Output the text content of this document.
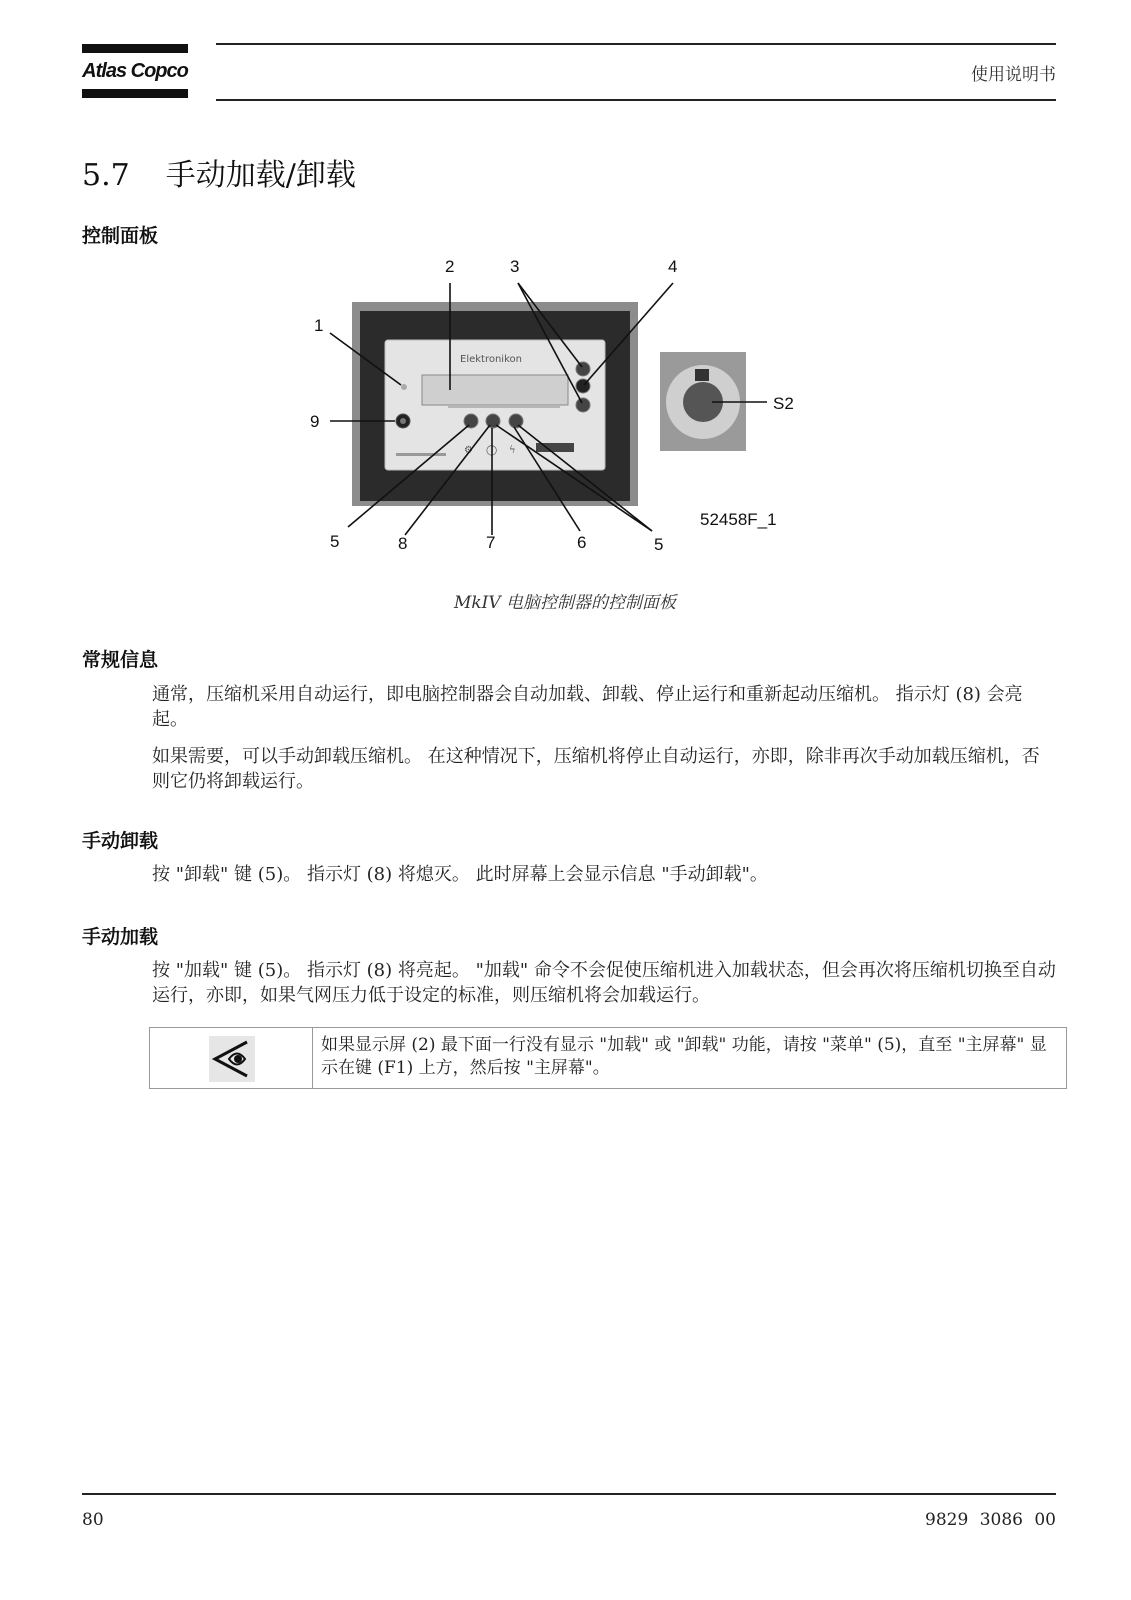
Atlas Copco	使用说明书
5.7 手动加载/卸载
控制面板
Elektronikon
⚙ ◯ ϟ
2	3	4
1
9
5	8	7	6	5
S2
52458F_1
MkIV 电脑控制器的控制面板
常规信息
通常，压缩机采用自动运行，即电脑控制器会自动加载、卸载、停止运行和重新起动压缩机。 指示灯 (8) 会亮起。
如果需要，可以手动卸载压缩机。 在这种情况下，压缩机将停止自动运行，亦即，除非再次手动加载压缩机，否则它仍将卸载运行。
手动卸载
按 "卸载" 键 (5)。 指示灯 (8) 将熄灭。 此时屏幕上会显示信息 "手动卸载"。
手动加载
按 "加载" 键 (5)。 指示灯 (8) 将亮起。 "加载" 命令不会促使压缩机进入加载状态，但会再次将压缩机切换至自动运行，亦即，如果气网压力低于设定的标准，则压缩机将会加载运行。
如果显示屏 (2) 最下面一行没有显示 "加载" 或 "卸载" 功能，请按 "菜单" (5)，直至 "主屏幕" 显示在键 (F1) 上方，然后按 "主屏幕"。
80	9829 3086 00
